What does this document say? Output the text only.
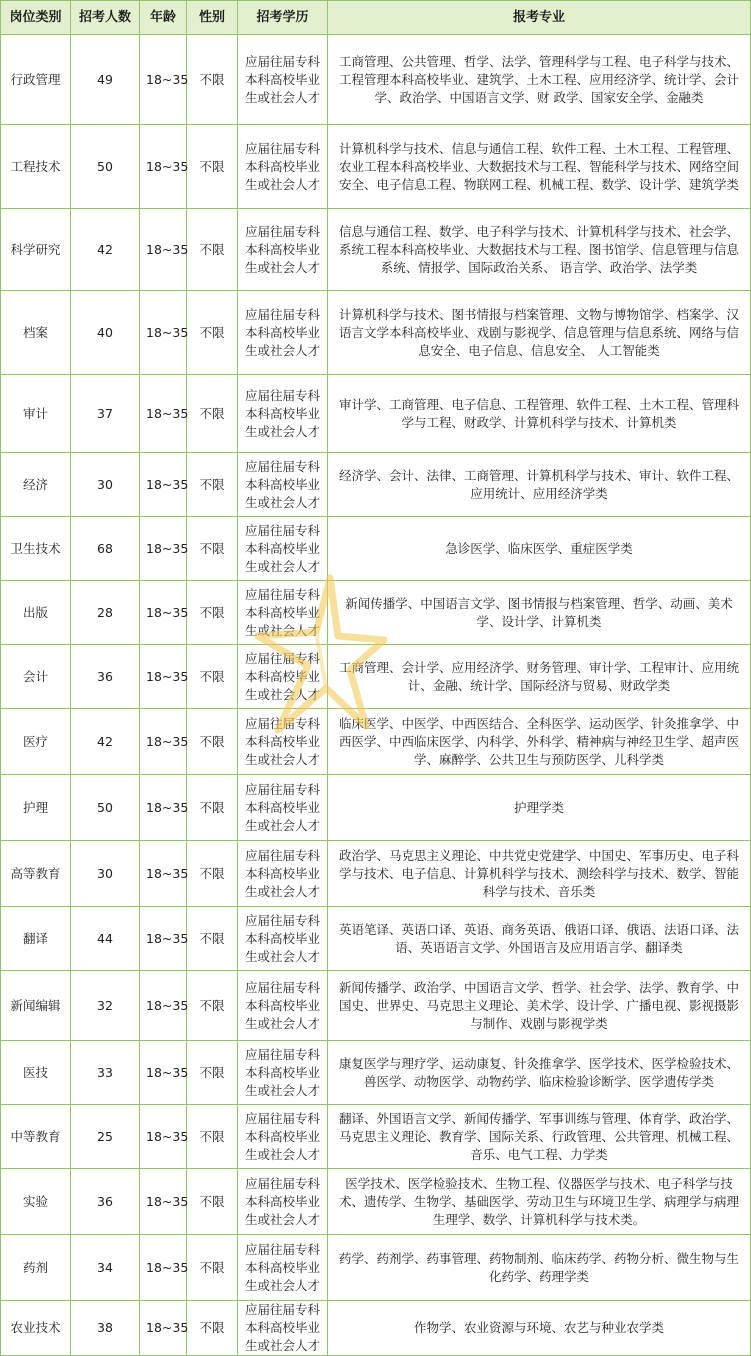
岗位类别	招考人数	年龄	性别	招考学历	报考专业
行政管理	49	18~35	不限	应届往届专科本科高校毕业生或社会人才	工商管理、公共管理、哲学、法学、管理科学与工程、电子科学与技术、工程管理本科高校毕业、建筑学、土木工程、应用经济学、统计学、会计学、政治学、中国语言文学、财 政学、国家安全学、金融类
工程技术	50	18~35	不限	应届往届专科本科高校毕业生或社会人才	计算机科学与技术、信息与通信工程、软件工程、土木工程、工程管理、农业工程本科高校毕业、大数据技术与工程、智能科学与技术、网络空间安全、电子信息工程、物联网工程、机械工程、数学、设计学、建筑学类
科学研究	42	18~35	不限	应届往届专科本科高校毕业生或社会人才	信息与通信工程、数学、电子科学与技术、计算机科学与技术、社会学、系统工程本科高校毕业、大数据技术与工程、图书馆学、信息管理与信息系统、情报学、国际政治关系、 语言学、政治学、法学类
档案	40	18~35	不限	应届往届专科本科高校毕业生或社会人才	计算机科学与技术、图书情报与档案管理、文物与博物馆学、档案学、汉语言文学本科高校毕业、戏剧与影视学、信息管理与信息系统、网络与信息安全、电子信息、信息安全、 人工智能类
审计	37	18~35	不限	应届往届专科本科高校毕业生或社会人才	审计学、工商管理、电子信息、工程管理、软件工程、土木工程、管理科学与工程、财政学、计算机科学与技术、计算机类
经济	30	18~35	不限	应届往届专科本科高校毕业生或社会人才	经济学、会计、法律、工商管理、计算机科学与技术、审计、软件工程、应用统计、应用经济学类
卫生技术	68	18~35	不限	应届往届专科本科高校毕业生或社会人才	急诊医学、临床医学、重症医学类
出版	28	18~35	不限	应届往届专科本科高校毕业生或社会人才	新闻传播学、中国语言文学、图书情报与档案管理、哲学、动画、美术学、设计学、计算机类
会计	36	18~35	不限	应届往届专科本科高校毕业生或社会人才	工商管理、会计学、应用经济学、财务管理、审计学、工程审计、应用统计、金融、统计学、国际经济与贸易、财政学类
医疗	42	18~35	不限	应届往届专科本科高校毕业生或社会人才	临床医学、中医学、中西医结合、全科医学、运动医学、针灸推拿学、中西医学、中西临床医学、内科学、外科学、精神病与神经卫生学、超声医学、麻醉学、公共卫生与预防医学、儿科学类
护理	50	18~35	不限	应届往届专科本科高校毕业生或社会人才	护理学类
高等教育	30	18~35	不限	应届往届专科本科高校毕业生或社会人才	政治学、马克思主义理论、中共党史党建学、中国史、军事历史、电子科学与技术、电子信息、计算机科学与技术、测绘科学与技术、数学、智能科学与技术、音乐类
翻译	44	18~35	不限	应届往届专科本科高校毕业生或社会人才	英语笔译、英语口译、英语、商务英语、俄语口译、俄语、法语口译、法语、英语语言文学、外国语言及应用语言学、翻译类
新闻编辑	32	18~35	不限	应届往届专科本科高校毕业生或社会人才	新闻传播学、政治学、中国语言文学、哲学、社会学、法学、教育学、中国史、世界史、马克思主义理论、美术学、设计学、广播电视、影视摄影与制作、戏剧与影视学类
医技	33	18~35	不限	应届往届专科本科高校毕业生或社会人才	康复医学与理疗学、运动康复、针灸推拿学、医学技术、医学检验技术、兽医学、动物医学、动物药学、临床检验诊断学、医学遗传学类
中等教育	25	18~35	不限	应届往届专科本科高校毕业生或社会人才	翻译、外国语言文学、新闻传播学、军事训练与管理、体育学、政治学、马克思主义理论、教育学、国际关系、行政管理、公共管理、机械工程、音乐、电气工程、力学类
实验	36	18~35	不限	应届往届专科本科高校毕业生或社会人才	医学技术、医学检验技术、生物工程、仪器医学与技术、电子科学与技术、遗传学、生物学、基础医学、劳动卫生与环境卫生学、病理学与病理生理学、数学、计算机科学与技术类。
药剂	34	18~35	不限	应届往届专科本科高校毕业生或社会人才	药学、药剂学、药事管理、药物制剂、临床药学、药物分析、微生物与生化药学、药理学类
农业技术	38	18~35	不限	应届往届专科本科高校毕业生或社会人才	作物学、农业资源与环境、农艺与种业农学类
